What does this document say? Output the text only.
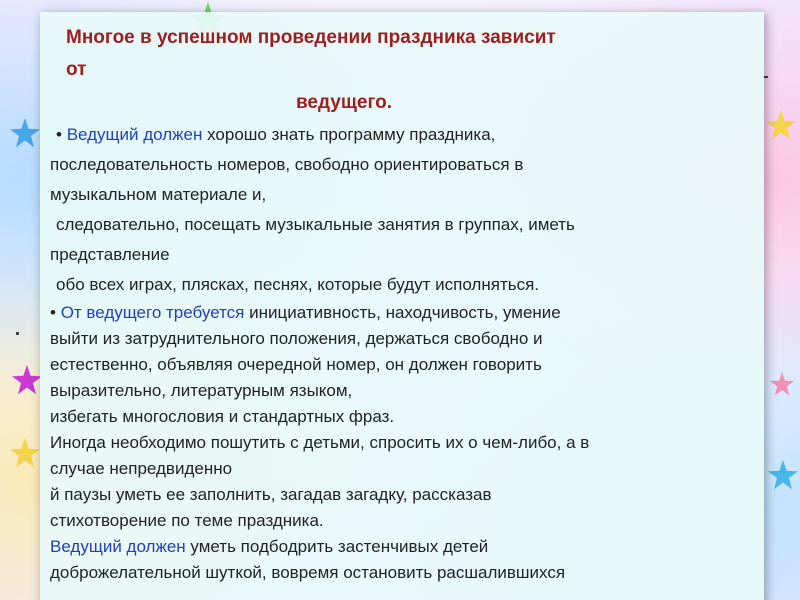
Многое в успешном проведении праздника зависит
от
ведущего.
• Ведущий должен хорошо знать программу праздника,
последовательность номеров, свободно ориентироваться в
музыкальном материале и,
следовательно, посещать музыкальные занятия в группах, иметь
представление
обо всех играх, плясках, песнях, которые будут исполняться.
• От ведущего требуется инициативность, находчивость, умение
выйти из затруднительного положения, держаться свободно и
естественно, объявляя очередной номер, он должен говорить
выразительно, литературным языком,
избегать многословия и стандартных фраз.
Иногда необходимо пошутить с детьми, спросить их о чем-либо, а в
случае непредвиденно
й паузы уметь ее заполнить, загадав загадку, рассказав
стихотворение по теме праздника.
Ведущий должен уметь подбодрить застенчивых детей
доброжелательной шуткой, вовремя остановить расшалившихся
